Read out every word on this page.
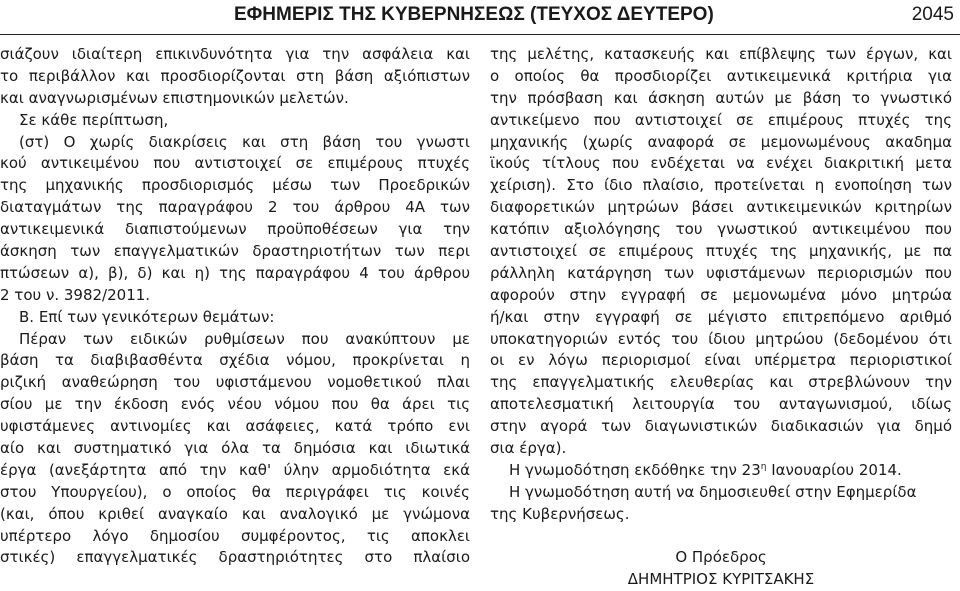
ΕΦΗΜΕΡΙΣ ΤΗΣ ΚΥΒΕΡΝΗΣΕΩΣ (ΤΕΥΧΟΣ ΔΕΥΤΕΡΟ)	2045
σιάζουν ιδιαίτερη επικινδυνότητα για την ασφάλεια και
το περιβάλλον και προσδιορίζονται στη βάση αξιόπιστων
και αναγνωρισμένων επιστημονικών μελετών.
Σε κάθε περίπτωση,
(στ) Ο χωρίς διακρίσεις και στη βάση του γνωστι
κού αντικειμένου που αντιστοιχεί σε επιμέρους πτυχές
της μηχανικής προσδιορισμός μέσω των Προεδρικών
διαταγμάτων της παραγράφου 2 του άρθρου 4Α των
αντικειμενικά διαπιστούμενων προϋποθέσεων για την
άσκηση των επαγγελματικών δραστηριοτήτων των περι
πτώσεων α), β), δ) και η) της παραγράφου 4 του άρθρου
2 του ν. 3982/2011.
Β. Επί των γενικότερων θεμάτων:
Πέραν των ειδικών ρυθμίσεων που ανακύπτουν με
βάση τα διαβιβασθέντα σχέδια νόμου, προκρίνεται η
ριζική αναθεώρηση του υφιστάμενου νομοθετικού πλαι
σίου με την έκδοση ενός νέου νόμου που θα άρει τις
υφιστάμενες αντινομίες και ασάφειες, κατά τρόπο ενι
αίο και συστηματικό για όλα τα δημόσια και ιδιωτικά
έργα (ανεξάρτητα από την καθ' ύλην αρμοδιότητα εκά
στου Υπουργείου), ο οποίος θα περιγράφει τις κοινές
(και, όπου κριθεί αναγκαίο και αναλογικό με γνώμονα
υπέρτερο λόγο δημοσίου συμφέροντος, τις αποκλει
στικές) επαγγελματικές δραστηριότητες στο πλαίσιο
της μελέτης, κατασκευής και επίβλεψης των έργων, και
ο οποίος θα προσδιορίζει αντικειμενικά κριτήρια για
την πρόσβαση και άσκηση αυτών με βάση το γνωστικό
αντικείμενο που αντιστοιχεί σε επιμέρους πτυχές της
μηχανικής (χωρίς αναφορά σε μεμονωμένους ακαδημα
ϊκούς τίτλους που ενδέχεται να ενέχει διακριτική μετα
χείριση). Στο ίδιο πλαίσιο, προτείνεται η ενοποίηση των
διαφορετικών μητρώων βάσει αντικειμενικών κριτηρίων
κατόπιν αξιολόγησης του γνωστικού αντικειμένου που
αντιστοιχεί σε επιμέρους πτυχές της μηχανικής, με πα
ράλληλη κατάργηση των υφιστάμενων περιορισμών που
αφορούν στην εγγραφή σε μεμονωμένα μόνο μητρώα
ή/και στην εγγραφή σε μέγιστο επιτρεπόμενο αριθμό
υποκατηγοριών εντός του ίδιου μητρώου (δεδομένου ότι
οι εν λόγω περιορισμοί είναι υπέρμετρα περιοριστικοί
της επαγγελματικής ελευθερίας και στρεβλώνουν την
αποτελεσματική λειτουργία του ανταγωνισμού, ιδίως
στην αγορά των διαγωνιστικών διαδικασιών για δημό
σια έργα).
Η γνωμοδότηση εκδόθηκε την $23^\eta$ Ιανουαρίου 2014.
Η γνωμοδότηση αυτή να δημοσιευθεί στην Εφημερίδα
της Κυβερνήσεως.
Ο Πρόεδρος
ΔΗΜΗΤΡΙΟΣ ΚΥΡΙΤΣΑΚΗΣ
